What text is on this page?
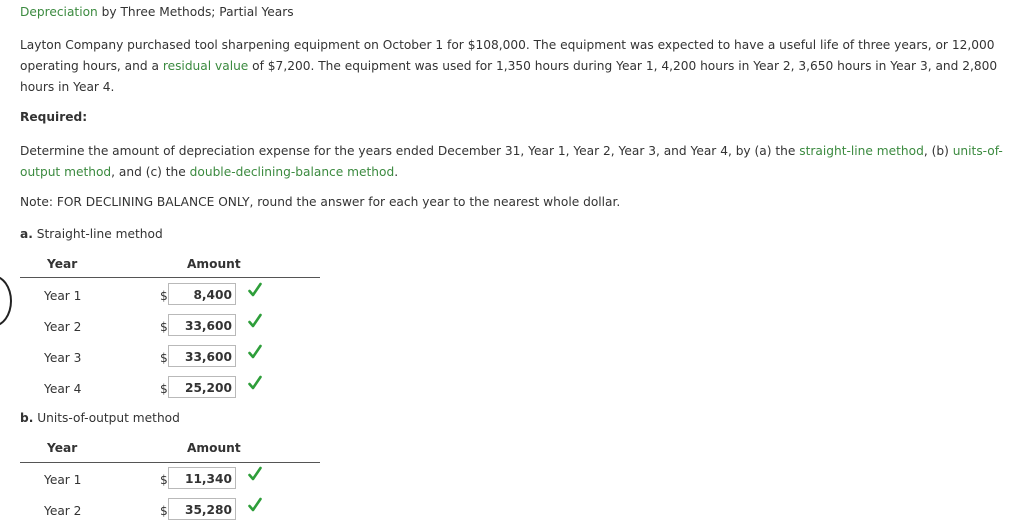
Depreciation by Three Methods; Partial Years
Layton Company purchased tool sharpening equipment on October 1 for $108,000. The equipment was expected to have a useful life of three years, or 12,000 operating hours, and a residual value of $7,200. The equipment was used for 1,350 hours during Year 1, 4,200 hours in Year 2, 3,650 hours in Year 3, and 2,800 hours in Year 4.
Required:
Determine the amount of depreciation expense for the years ended December 31, Year 1, Year 2, Year 3, and Year 4, by (a) the straight-line method, (b) units-of-output method, and (c) the double-declining-balance method.
Note: FOR DECLINING BALANCE ONLY, round the answer for each year to the nearest whole dollar.
a. Straight-line method
Year	Amount
Year 1	$	8,400
Year 2	$	33,600
Year 3	$	33,600
Year 4	$	25,200
b. Units-of-output method
Year	Amount
Year 1	$	11,340
Year 2	$	35,280
